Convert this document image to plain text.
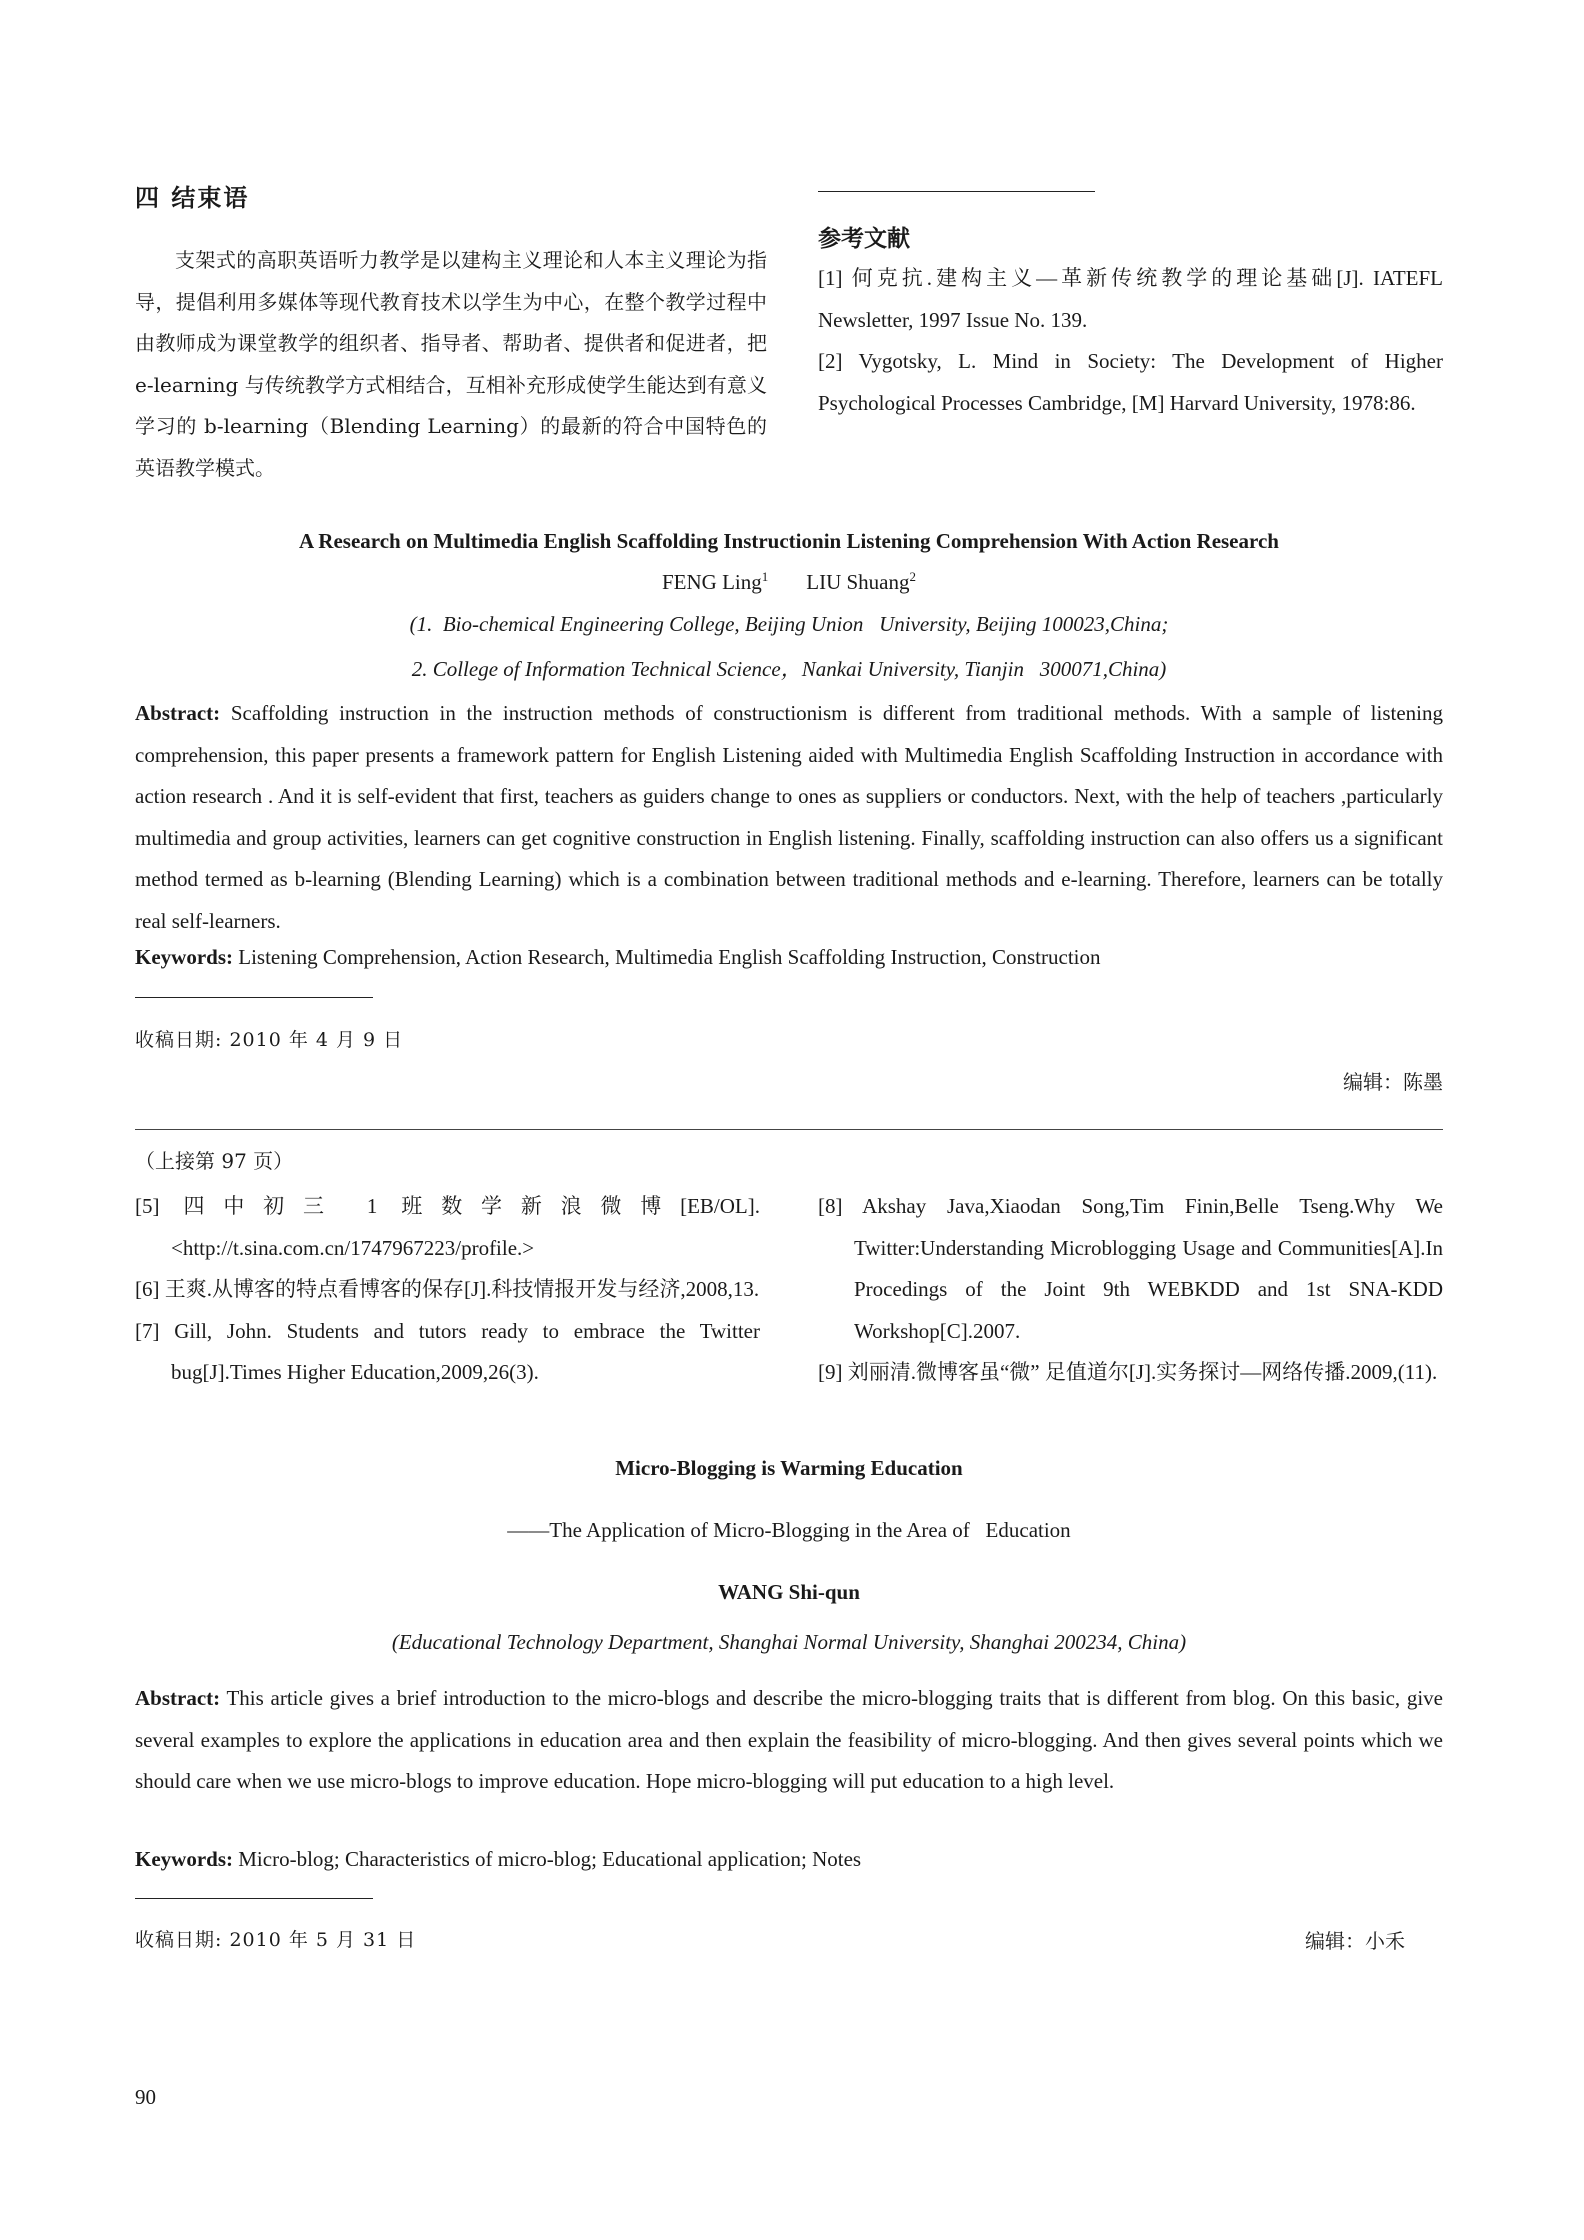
四 结束语

支架式的高职英语听力教学是以建构主义理论和人本主义理论为指导，提倡利用多媒体等现代教育技术以学生为中心，在整个教学过程中由教师成为课堂教学的组织者、指导者、帮助者、提供者和促进者，把 e-learning 与传统教学方式相结合，互相补充形成使学生能达到有意义学习的 b-learning（Blending Learning）的最新的符合中国特色的英语教学模式。

参考文献

[1] 何克抗.建构主义—革新传统教学的理论基础[J]. IATEFL Newsletter, 1997 Issue No. 139.

[2] Vygotsky, L. Mind in Society: The Development of Higher Psychological Processes Cambridge, [M] Harvard University, 1978:86.

A Research on Multimedia English Scaffolding Instructionin Listening Comprehension With Action Research
FENG Ling$^1$ LIU Shuang$^2$
(1.  Bio-chemical Engineering College, Beijing Union   University, Beijing 100023,China;
2. College of Information Technical Science，Nankai University, Tianjin   300071,China)

Abstract: Scaffolding instruction in the instruction methods of constructionism is different from traditional methods. With a sample of listening comprehension, this paper presents a framework pattern for English Listening aided with Multimedia English Scaffolding Instruction in accordance with action research . And it is self-evident that first, teachers as guiders change to ones as suppliers or conductors. Next, with the help of teachers ,particularly multimedia and group activities, learners can get cognitive construction in English listening. Finally, scaffolding instruction can also offers us a significant method termed as b-learning (Blending Learning) which is a combination between traditional methods and e-learning. Therefore, learners can be totally real self-learners.

Keywords: Listening Comprehension, Action Research, Multimedia English Scaffolding Instruction, Construction

收稿日期: 2010 年 4 月 9 日
编辑：陈墨
（上接第 97 页）

[5] 四中初三 1 班数学新浪微博[EB/OL]. <http://t.sina.com.cn/1747967223/profile.>

[6] 王爽.从博客的特点看博客的保存[J].科技情报开发与经济,2008,13.

[7] Gill, John. Students and tutors ready to embrace the Twitter bug[J].Times Higher Education,2009,26(3).

[8] Akshay Java,Xiaodan Song,Tim Finin,Belle Tseng.Why We Twitter:Understanding Microblogging Usage and Communities[A].In Procedings of the Joint 9th WEBKDD and 1st SNA-KDD Workshop[C].2007.

[9] 刘丽清.微博客虽“微” 足值道尔[J].实务探讨—网络传播.2009,(11).

Micro-Blogging is Warming Education
——The Application of Micro-Blogging in the Area of   Education
WANG Shi-qun
(Educational Technology Department, Shanghai Normal University, Shanghai 200234, China)

Abstract: This article gives a brief introduction to the micro-blogs and describe the micro-blogging traits that is different from blog. On this basic, give several examples to explore the applications in education area and then explain the feasibility of micro-blogging. And then gives several points which we should care when we use micro-blogs to improve education. Hope micro-blogging will put education to a high level.

Keywords: Micro-blog; Characteristics of micro-blog; Educational application; Notes

收稿日期: 2010 年 5 月 31 日	编辑：小禾
90
